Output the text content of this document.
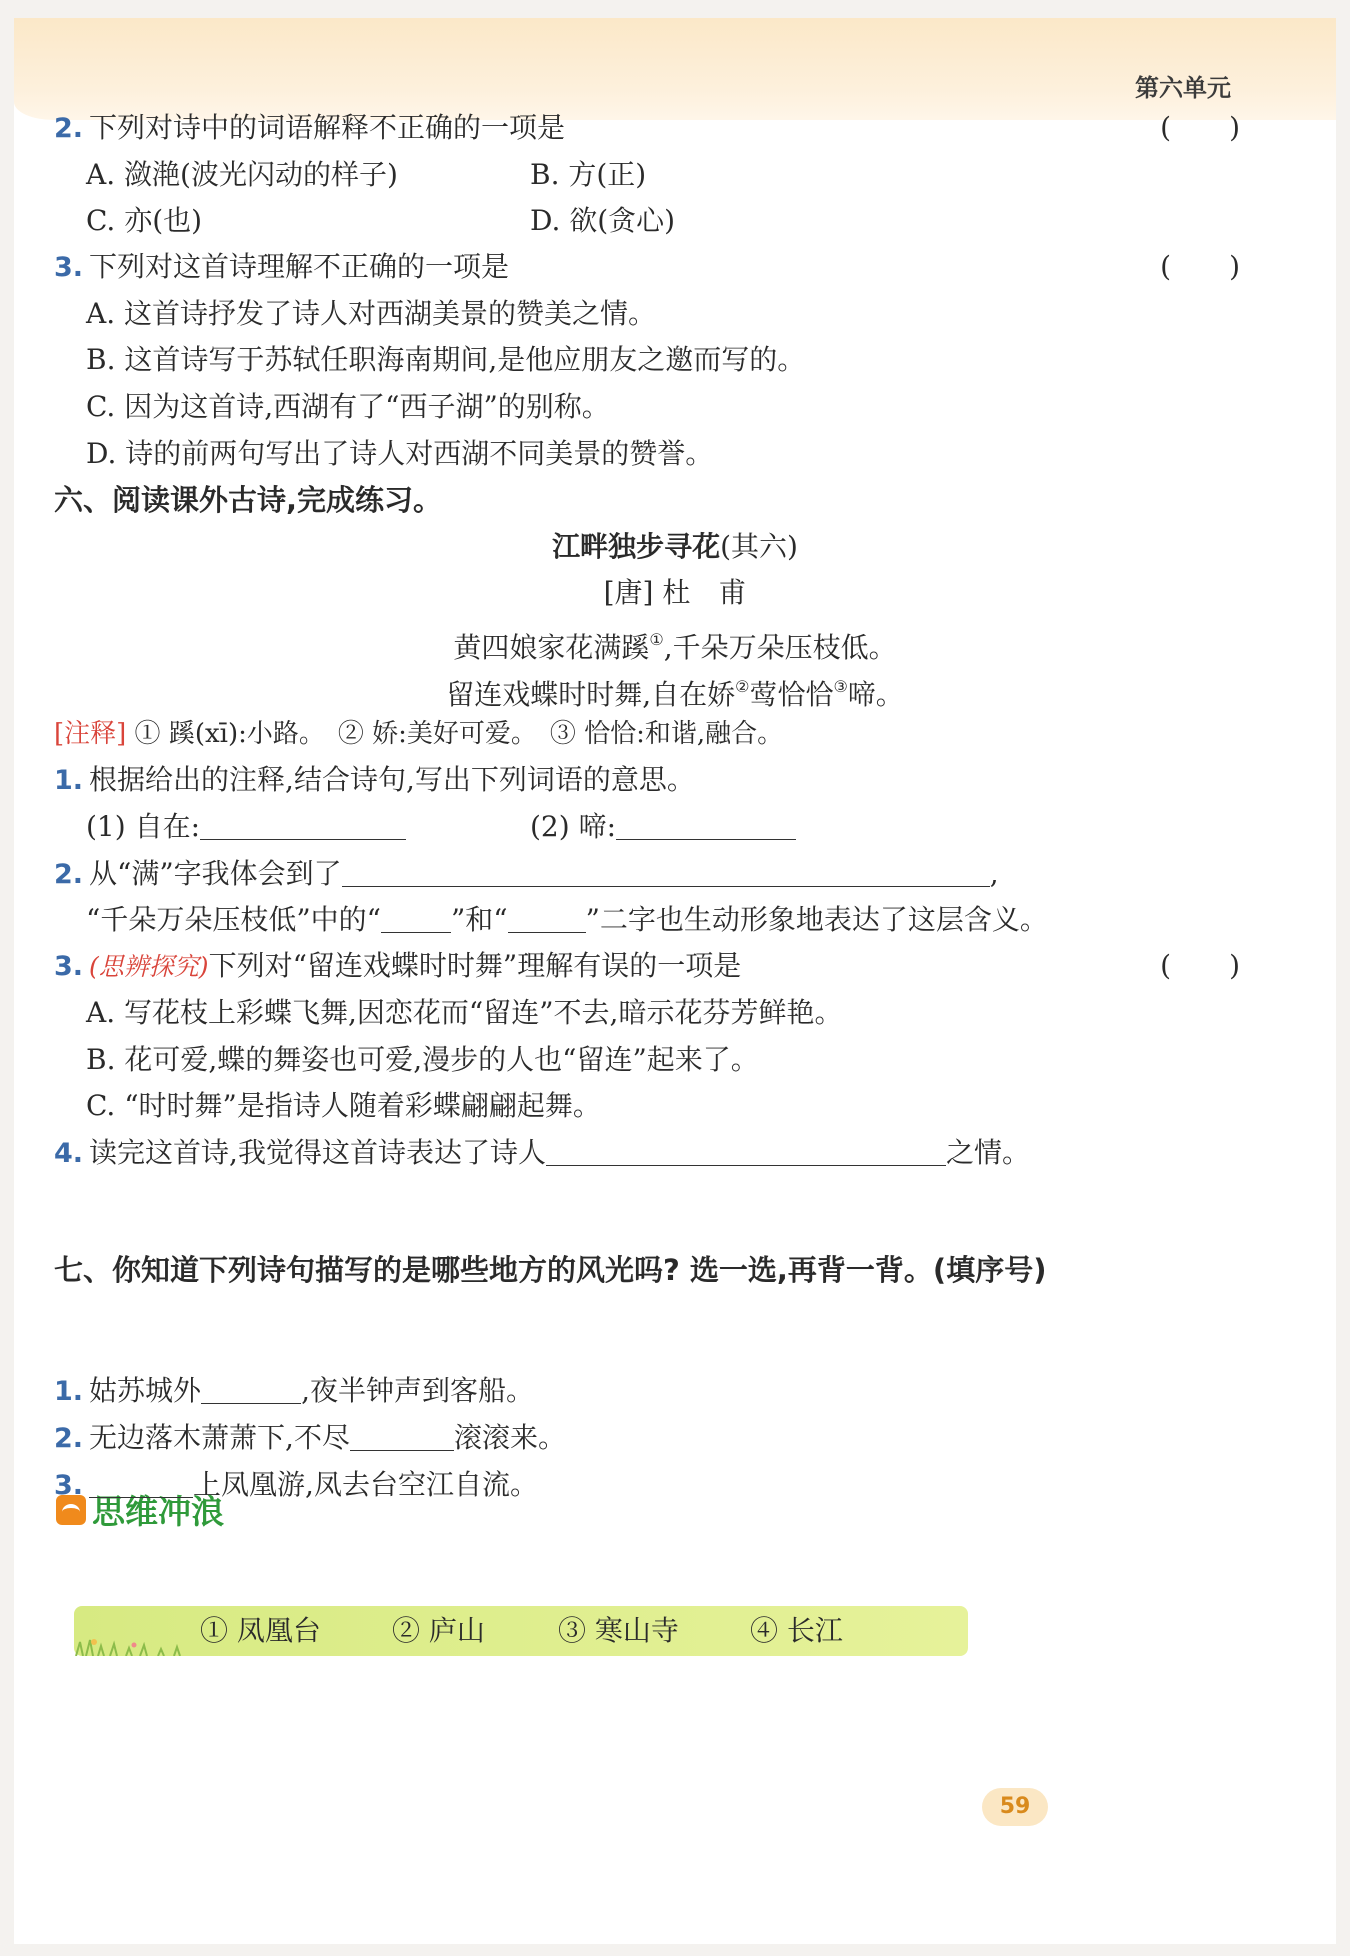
第六单元
2. 下列对诗中的词语解释不正确的一项是	( )
A. 潋滟(波光闪动的样子)	B. 方(正)
C. 亦(也)	D. 欲(贪心)
3. 下列对这首诗理解不正确的一项是	( )
A. 这首诗抒发了诗人对西湖美景的赞美之情。
B. 这首诗写于苏轼任职海南期间,是他应朋友之邀而写的。
C. 因为这首诗,西湖有了“西子湖”的别称。
D. 诗的前两句写出了诗人对西湖不同美景的赞誉。
六、阅读课外古诗,完成练习。
江畔独步寻花(其六)
[唐] 杜　甫
黄四娘家花满蹊①,千朵万朵压枝低。
留连戏蝶时时舞,自在娇②莺恰恰③啼。
[注释] ① 蹊(xī):小路。　② 娇:美好可爱。　③ 恰恰:和谐,融合。
1. 根据给出的注释,结合诗句,写出下列词语的意思。
(1) 自在:	(2) 啼:
2. 从“满”字我体会到了	,
“千朵万朵压枝低”中的“	”和“	”二字也生动形象地表达了这层含义。
3. (思辨探究)下列对“留连戏蝶时时舞”理解有误的一项是	( )
A. 写花枝上彩蝶飞舞,因恋花而“留连”不去,暗示花芬芳鲜艳。
B. 花可爱,蝶的舞姿也可爱,漫步的人也“留连”起来了。
C. “时时舞”是指诗人随着彩蝶翩翩起舞。
4. 读完这首诗,我觉得这首诗表达了诗人	之情。
思维冲浪
七、你知道下列诗句描写的是哪些地方的风光吗? 选一选,再背一背。(填序号)
① 凤凰台	② 庐山	③ 寒山寺	④ 长江
1. 姑苏城外	,夜半钟声到客船。
2. 无边落木萧萧下,不尽	滚滚来。
3.	上凤凰游,凤去台空江自流。
59
